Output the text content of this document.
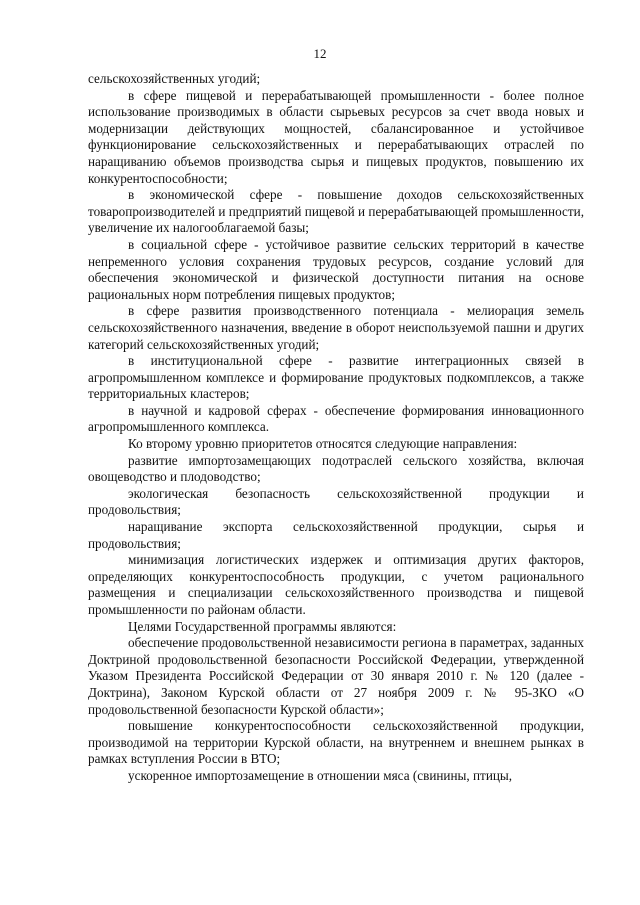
12

сельскохозяйственных угодий;

в сфере пищевой и перерабатывающей промышленности - более полное использование производимых в области сырьевых ресурсов за счет ввода новых и модернизации действующих мощностей, сбалансированное и устойчивое функционирование сельскохозяйственных и перерабатывающих отраслей по наращиванию объемов производства сырья и пищевых продуктов, повышению их конкурентоспособности;

в экономической сфере - повышение доходов сельскохозяйственных товаропроизводителей и предприятий пищевой и перерабатывающей промышленности, увеличение их налогооблагаемой базы;

в социальной сфере - устойчивое развитие сельских территорий в качестве непременного условия сохранения трудовых ресурсов, создание условий для обеспечения экономической и физической доступности питания на основе рациональных норм потребления пищевых продуктов;

в сфере развития производственного потенциала - мелиорация земель сельскохозяйственного назначения, введение в оборот неиспользуемой пашни и других категорий сельскохозяйственных угодий;

в институциональной сфере - развитие интеграционных связей в агропромышленном комплексе и формирование продуктовых подкомплексов, а также территориальных кластеров;

в научной и кадровой сферах - обеспечение формирования инновационного агропромышленного комплекса.

Ко второму уровню приоритетов относятся следующие направления:

развитие импортозамещающих подотраслей сельского хозяйства, включая овощеводство и плодоводство;

экологическая безопасность сельскохозяйственной продукции и продовольствия;

наращивание экспорта сельскохозяйственной продукции, сырья и продовольствия;

минимизация логистических издержек и оптимизация других факторов, определяющих конкурентоспособность продукции, с учетом рационального размещения и специализации сельскохозяйственного производства и пищевой промышленности по районам области.

Целями Государственной программы являются:

обеспечение продовольственной независимости региона в параметрах, заданных Доктриной продовольственной безопасности Российской Федерации, утвержденной Указом Президента Российской Федерации от 30 января 2010 г. № 120 (далее - Доктрина), Законом Курской области от 27 ноября 2009 г. № 95-ЗКО «О продовольственной безопасности Курской области»;

повышение конкурентоспособности сельскохозяйственной продукции, производимой на территории Курской области, на внутреннем и внешнем рынках в рамках вступления России в ВТО;

ускоренное импортозамещение в отношении мяса (свинины, птицы,
